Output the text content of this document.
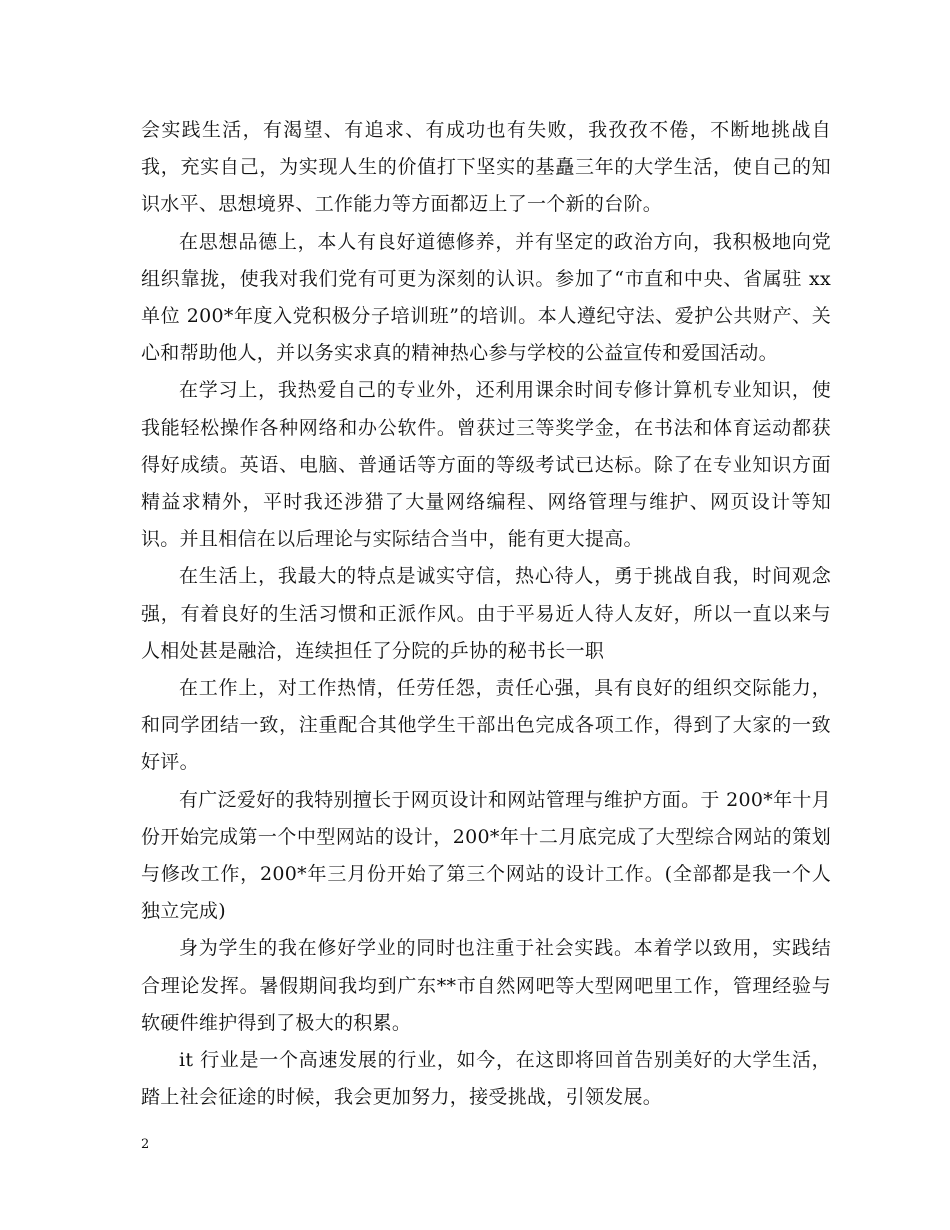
会实践生活，有渴望、有追求、有成功也有失败，我孜孜不倦，不断地挑战自我，充实自己，为实现人生的价值打下坚实的基矗三年的大学生活，使自己的知识水平、思想境界、工作能力等方面都迈上了一个新的台阶。

在思想品德上，本人有良好道德修养，并有坚定的政治方向，我积极地向党组织靠拢，使我对我们党有可更为深刻的认识。参加了“市直和中央、省属驻 xx 单位 200*年度入党积极分子培训班”的培训。本人遵纪守法、爱护公共财产、关心和帮助他人，并以务实求真的精神热心参与学校的公益宣传和爱国活动。

在学习上，我热爱自己的专业外，还利用课余时间专修计算机专业知识，使我能轻松操作各种网络和办公软件。曾获过三等奖学金，在书法和体育运动都获得好成绩。英语、电脑、普通话等方面的等级考试已达标。除了在专业知识方面精益求精外，平时我还涉猎了大量网络编程、网络管理与维护、网页设计等知识。并且相信在以后理论与实际结合当中，能有更大提高。

在生活上，我最大的特点是诚实守信，热心待人，勇于挑战自我，时间观念强，有着良好的生活习惯和正派作风。由于平易近人待人友好，所以一直以来与人相处甚是融洽，连续担任了分院的乒协的秘书长一职

在工作上，对工作热情，任劳任怨，责任心强，具有良好的组织交际能力，和同学团结一致，注重配合其他学生干部出色完成各项工作，得到了大家的一致好评。

有广泛爱好的我特别擅长于网页设计和网站管理与维护方面。于 200*年十月份开始完成第一个中型网站的设计，200*年十二月底完成了大型综合网站的策划与修改工作，200*年三月份开始了第三个网站的设计工作。(全部都是我一个人独立完成)

身为学生的我在修好学业的同时也注重于社会实践。本着学以致用，实践结合理论发挥。暑假期间我均到广东**市自然网吧等大型网吧里工作，管理经验与软硬件维护得到了极大的积累。

it 行业是一个高速发展的行业，如今，在这即将回首告别美好的大学生活，踏上社会征途的时候，我会更加努力，接受挑战，引领发展。

2
